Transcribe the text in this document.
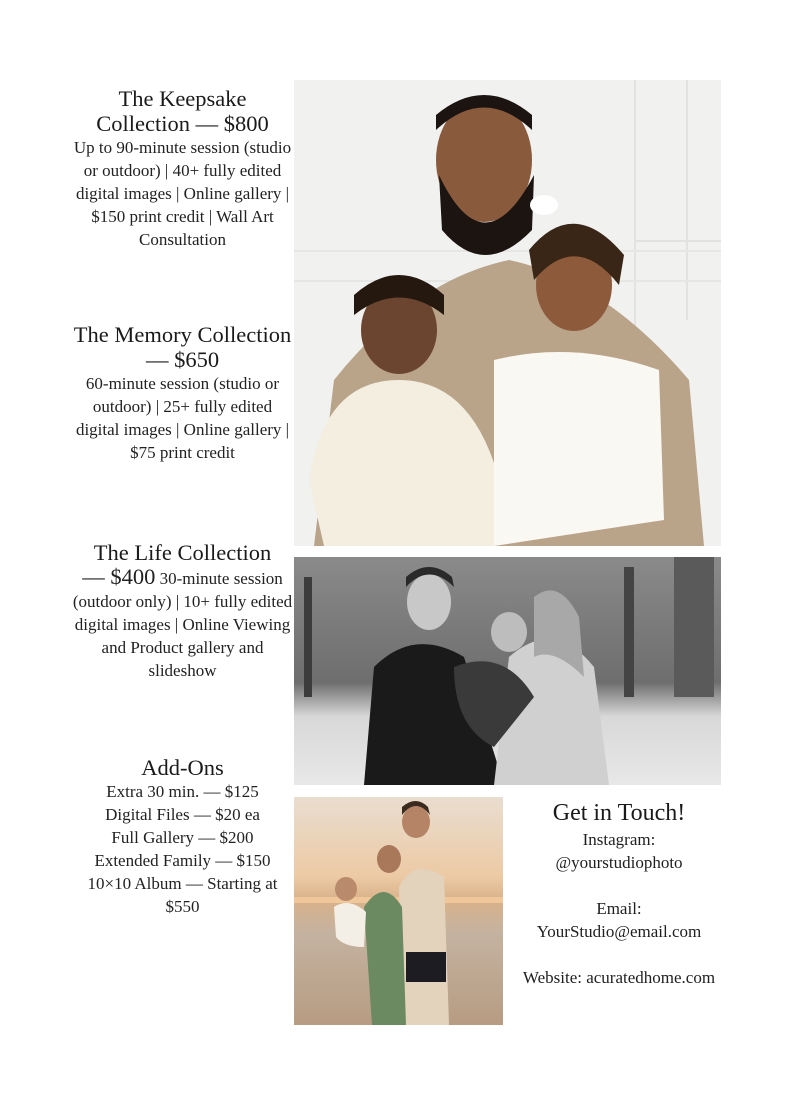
The Keepsake Collection — $800
Up to 90-minute session (studio or outdoor) | 40+ fully edited digital images | Online gallery | $150 print credit | Wall Art Consultation
The Memory Collection — $650
60-minute session (studio or outdoor) | 25+ fully edited digital images | Online gallery | $75 print credit
The Life Collection
— $400 30-minute session (outdoor only) | 10+ fully edited digital images | Online Viewing and Product gallery and slideshow
Add-Ons
Extra 30 min. — $125
Digital Files — $20 ea
Full Gallery — $200
Extended Family — $150
10×10 Album — Starting at $550
Get in Touch!
Instagram:
@yourstudiophoto
Email:
YourStudio@email.com
Website: acuratedhome.com
